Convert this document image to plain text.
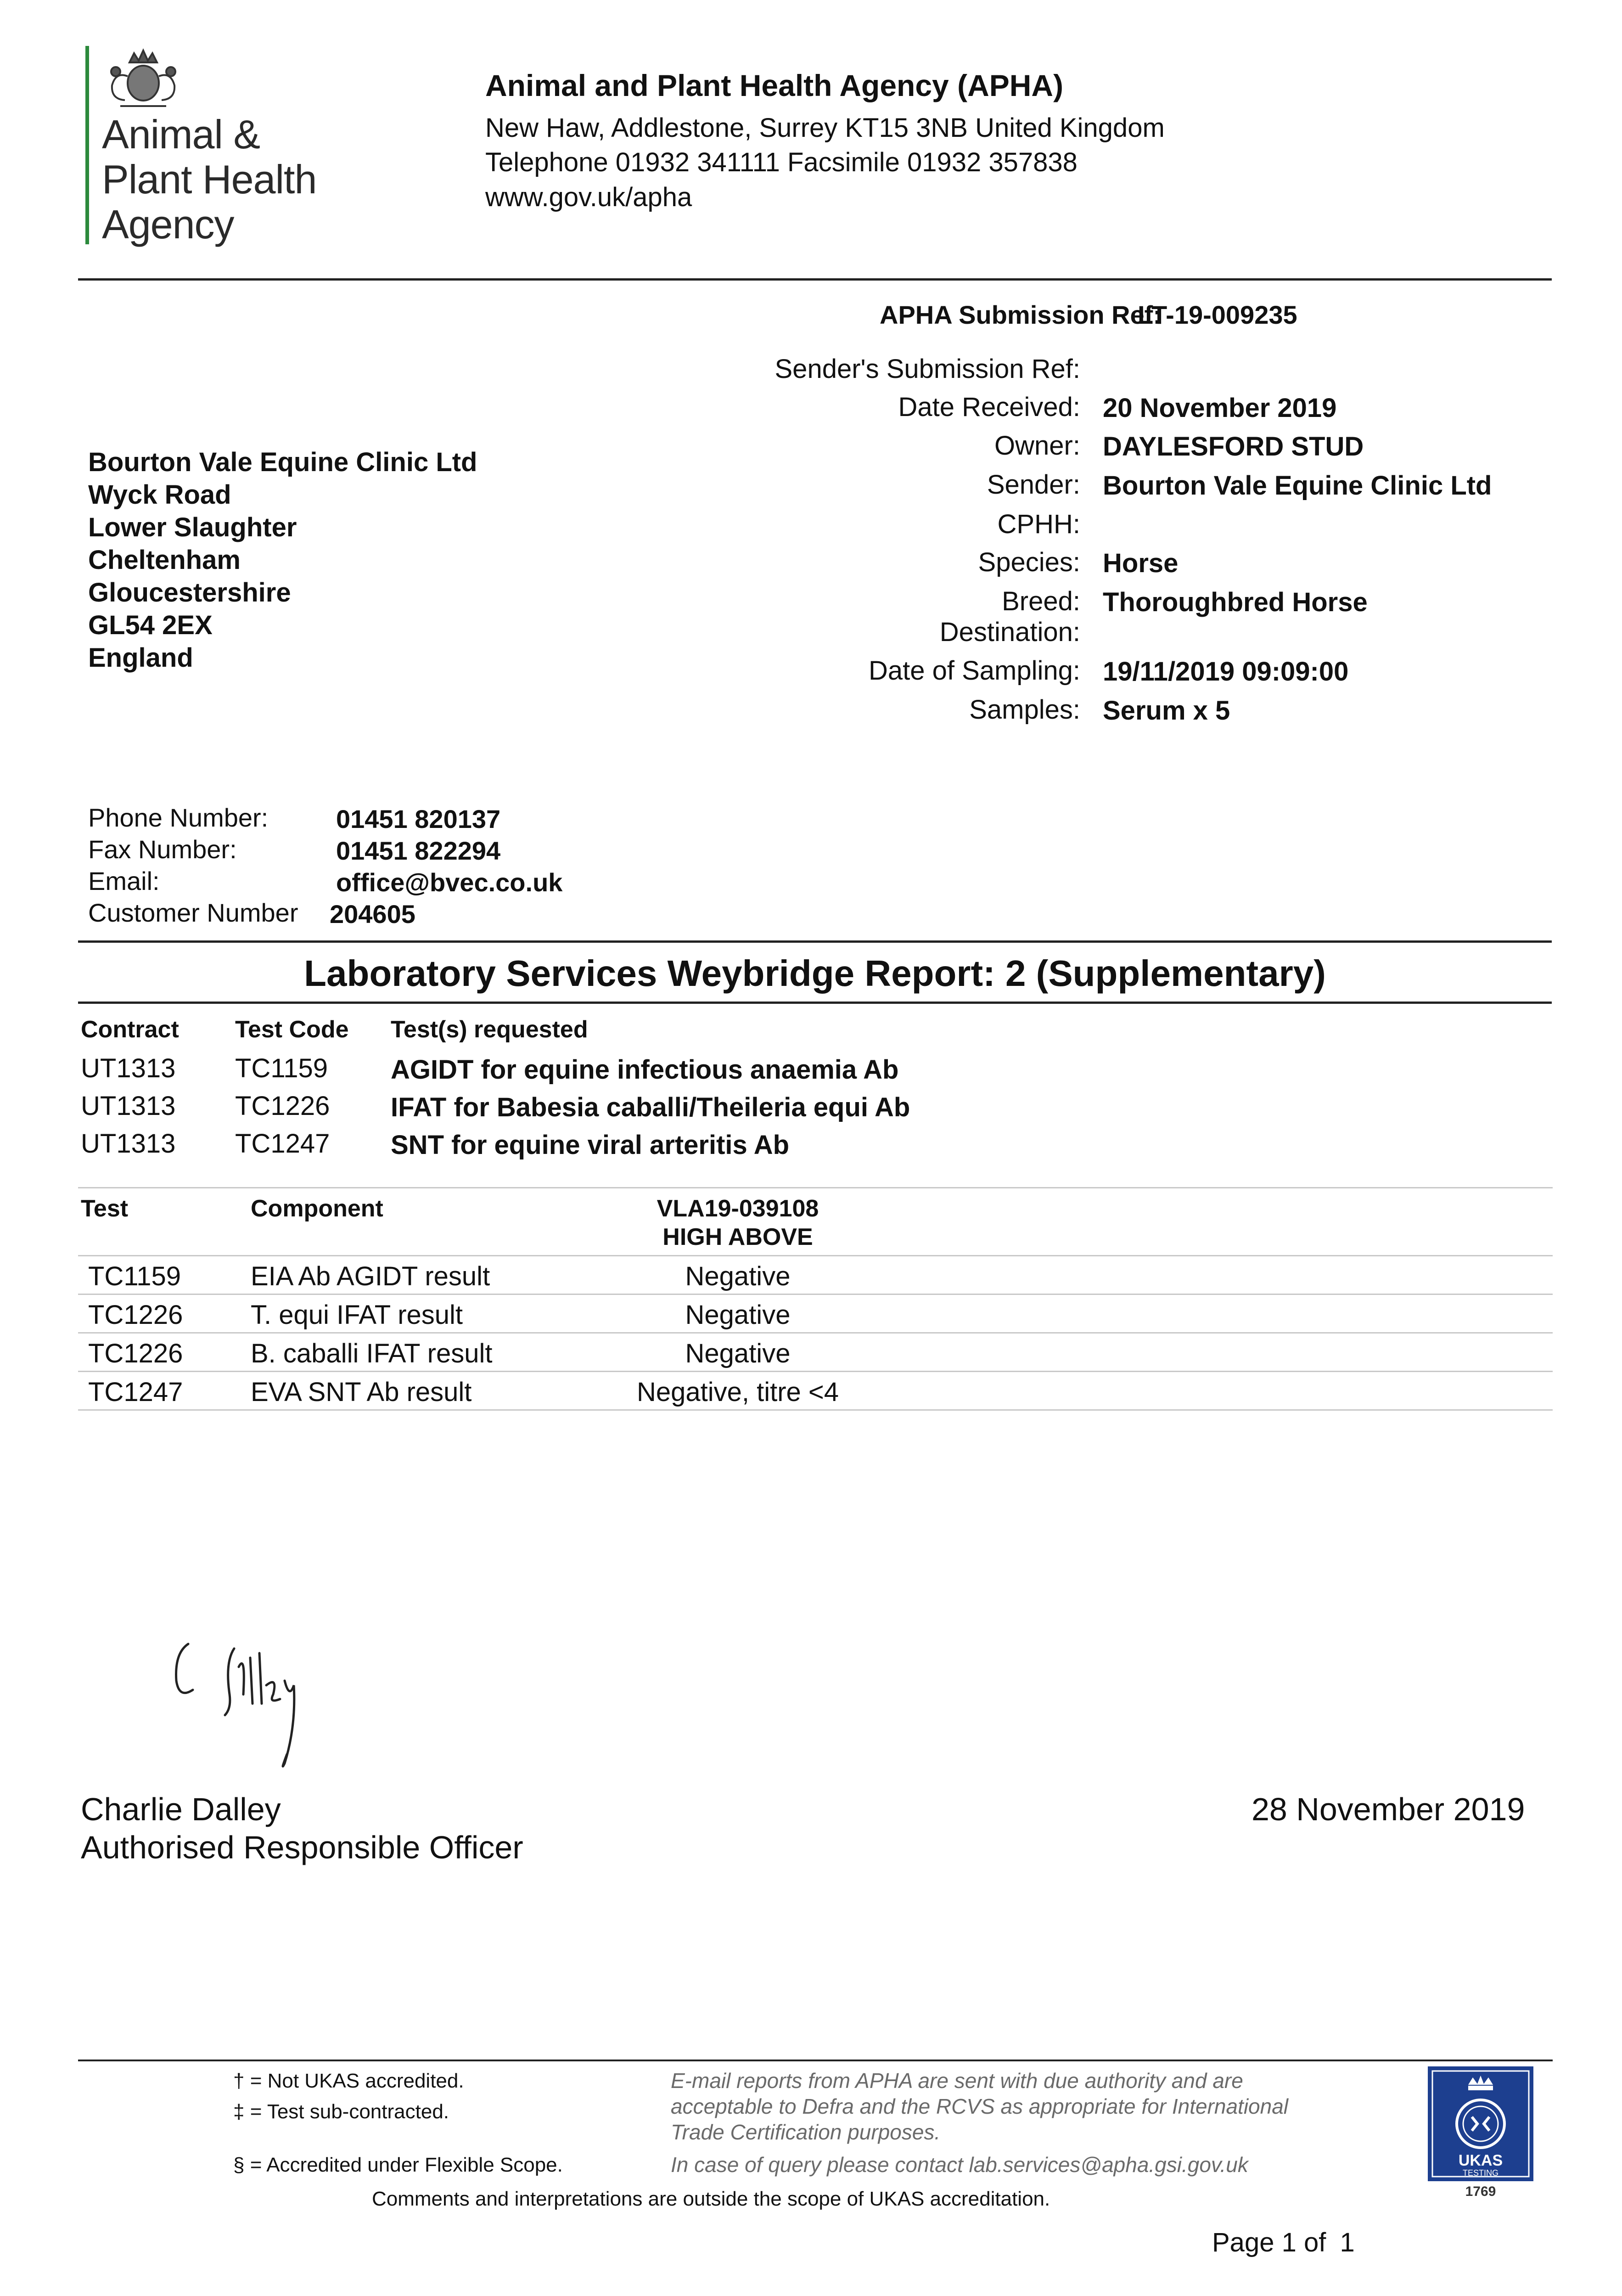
Animal &
Plant Health
Agency
Animal and Plant Health Agency (APHA)
New Haw, Addlestone, Surrey KT15 3NB United Kingdom
Telephone 01932 341111 Facsimile 01932 357838
www.gov.uk/apha
APHA Submission Ref:
LT-19-009235
Sender's Submission Ref:
Date Received: 20 November 2019
Owner: DAYLESFORD STUD
Sender: Bourton Vale Equine Clinic Ltd
CPHH:
Species: Horse
Breed: Thoroughbred Horse
Destination:
Date of Sampling: 19/11/2019 09:09:00
Samples: Serum x 5
Bourton Vale Equine Clinic Ltd
Wyck Road
Lower Slaughter
Cheltenham
Gloucestershire
GL54 2EX
England
Phone Number:	01451 820137
Fax Number:	01451 822294
Email:	office@bvec.co.uk
Customer Number 204605
Laboratory Services Weybridge Report: 2 (Supplementary)
Contract Test Code Test(s) requested
UT1313 TC1159 AGIDT for equine infectious anaemia Ab
UT1313 TC1226 IFAT for Babesia caballi/Theileria equi Ab
UT1313 TC1247 SNT for equine viral arteritis Ab
Test	Component	VLA19-039108
HIGH ABOVE
TC1159	EIA Ab AGIDT result	Negative
TC1226	T. equi IFAT result	Negative
TC1226	B. caballi IFAT result	Negative
TC1247	EVA SNT Ab result	Negative, titre <4
Charlie Dalley
Authorised Responsible Officer
28 November 2019
† = Not UKAS accredited.
‡ = Test sub-contracted.
§ = Accredited under Flexible Scope.
E-mail reports from APHA are sent with due authority and are
acceptable to Defra and the RCVS as appropriate for International
Trade Certification purposes.
In case of query please contact lab.services@apha.gsi.gov.uk
Comments and interpretations are outside the scope of UKAS accreditation.
Page 1 of 1
UKAS
TESTING
1769
